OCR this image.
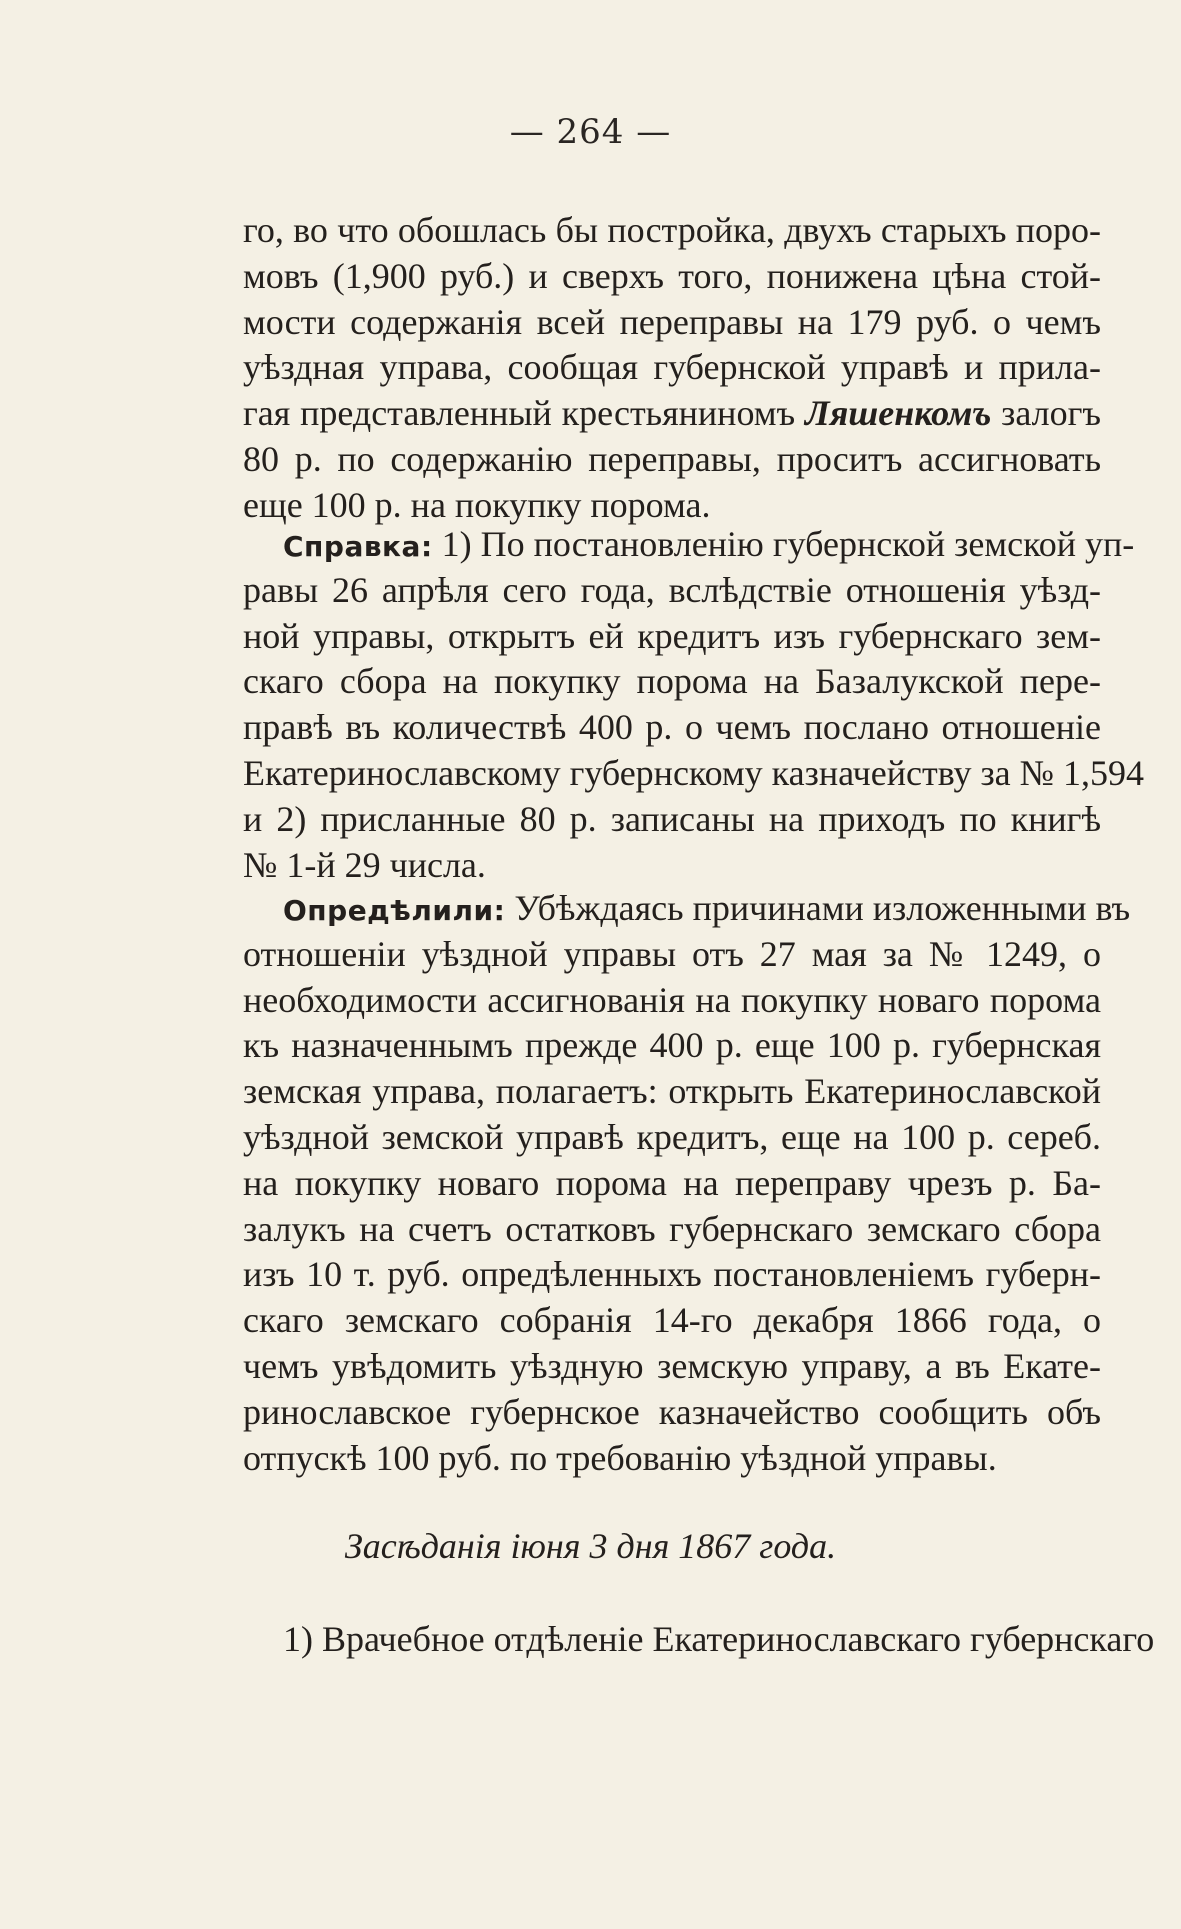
— 264 —
го, во что обошлась бы постройка, двухъ старыхъ поро-
мовъ (1,900 руб.) и сверхъ того, понижена цѣна стой-
мости содержанія всей переправы на 179 руб. о чемъ
уѣздная управа, сообщая губернской управѣ и прила-
гая представленный крестьяниномъ Ляшенкомъ залогъ
80 р. по содержанію переправы, проситъ ассигновать
еще 100 р. на покупку порома.
Справка: 1) По постановленію губернской земской уп-
равы 26 апрѣля сего года, вслѣдствіе отношенія уѣзд-
ной управы, открытъ ей кредитъ изъ губернскаго зем-
скаго сбора на покупку порома на Базалукской пере-
правѣ въ количествѣ 400 р. о чемъ послано отношеніе
Екатеринославскому губернскому казначейству за № 1,594
и 2) присланные 80 р. записаны на приходъ по книгѣ
№ 1-й 29 числа.
Опредѣлили: Убѣждаясь причинами изложенными въ
отношеніи уѣздной управы отъ 27 мая за № 1249, о
необходимости ассигнованія на покупку новаго порома
къ назначеннымъ прежде 400 р. еще 100 р. губернская
земская управа, полагаетъ: открыть Екатеринославской
уѣздной земской управѣ кредитъ, еще на 100 р. сереб.
на покупку новаго порома на переправу чрезъ р. Ба-
залукъ на счетъ остатковъ губернскаго земскаго сбора
изъ 10 т. руб. опредѣленныхъ постановленіемъ губерн-
скаго земскаго собранія 14-го декабря 1866 года, о
чемъ увѣдомить уѣздную земскую управу, а въ Екате-
ринославское губернское казначейство сообщить объ
отпускѣ 100 руб. по требованію уѣздной управы.
Засѣданія іюня 3 дня 1867 года.
1) Врачебное отдѣленіе Екатеринославскаго губернскаго
